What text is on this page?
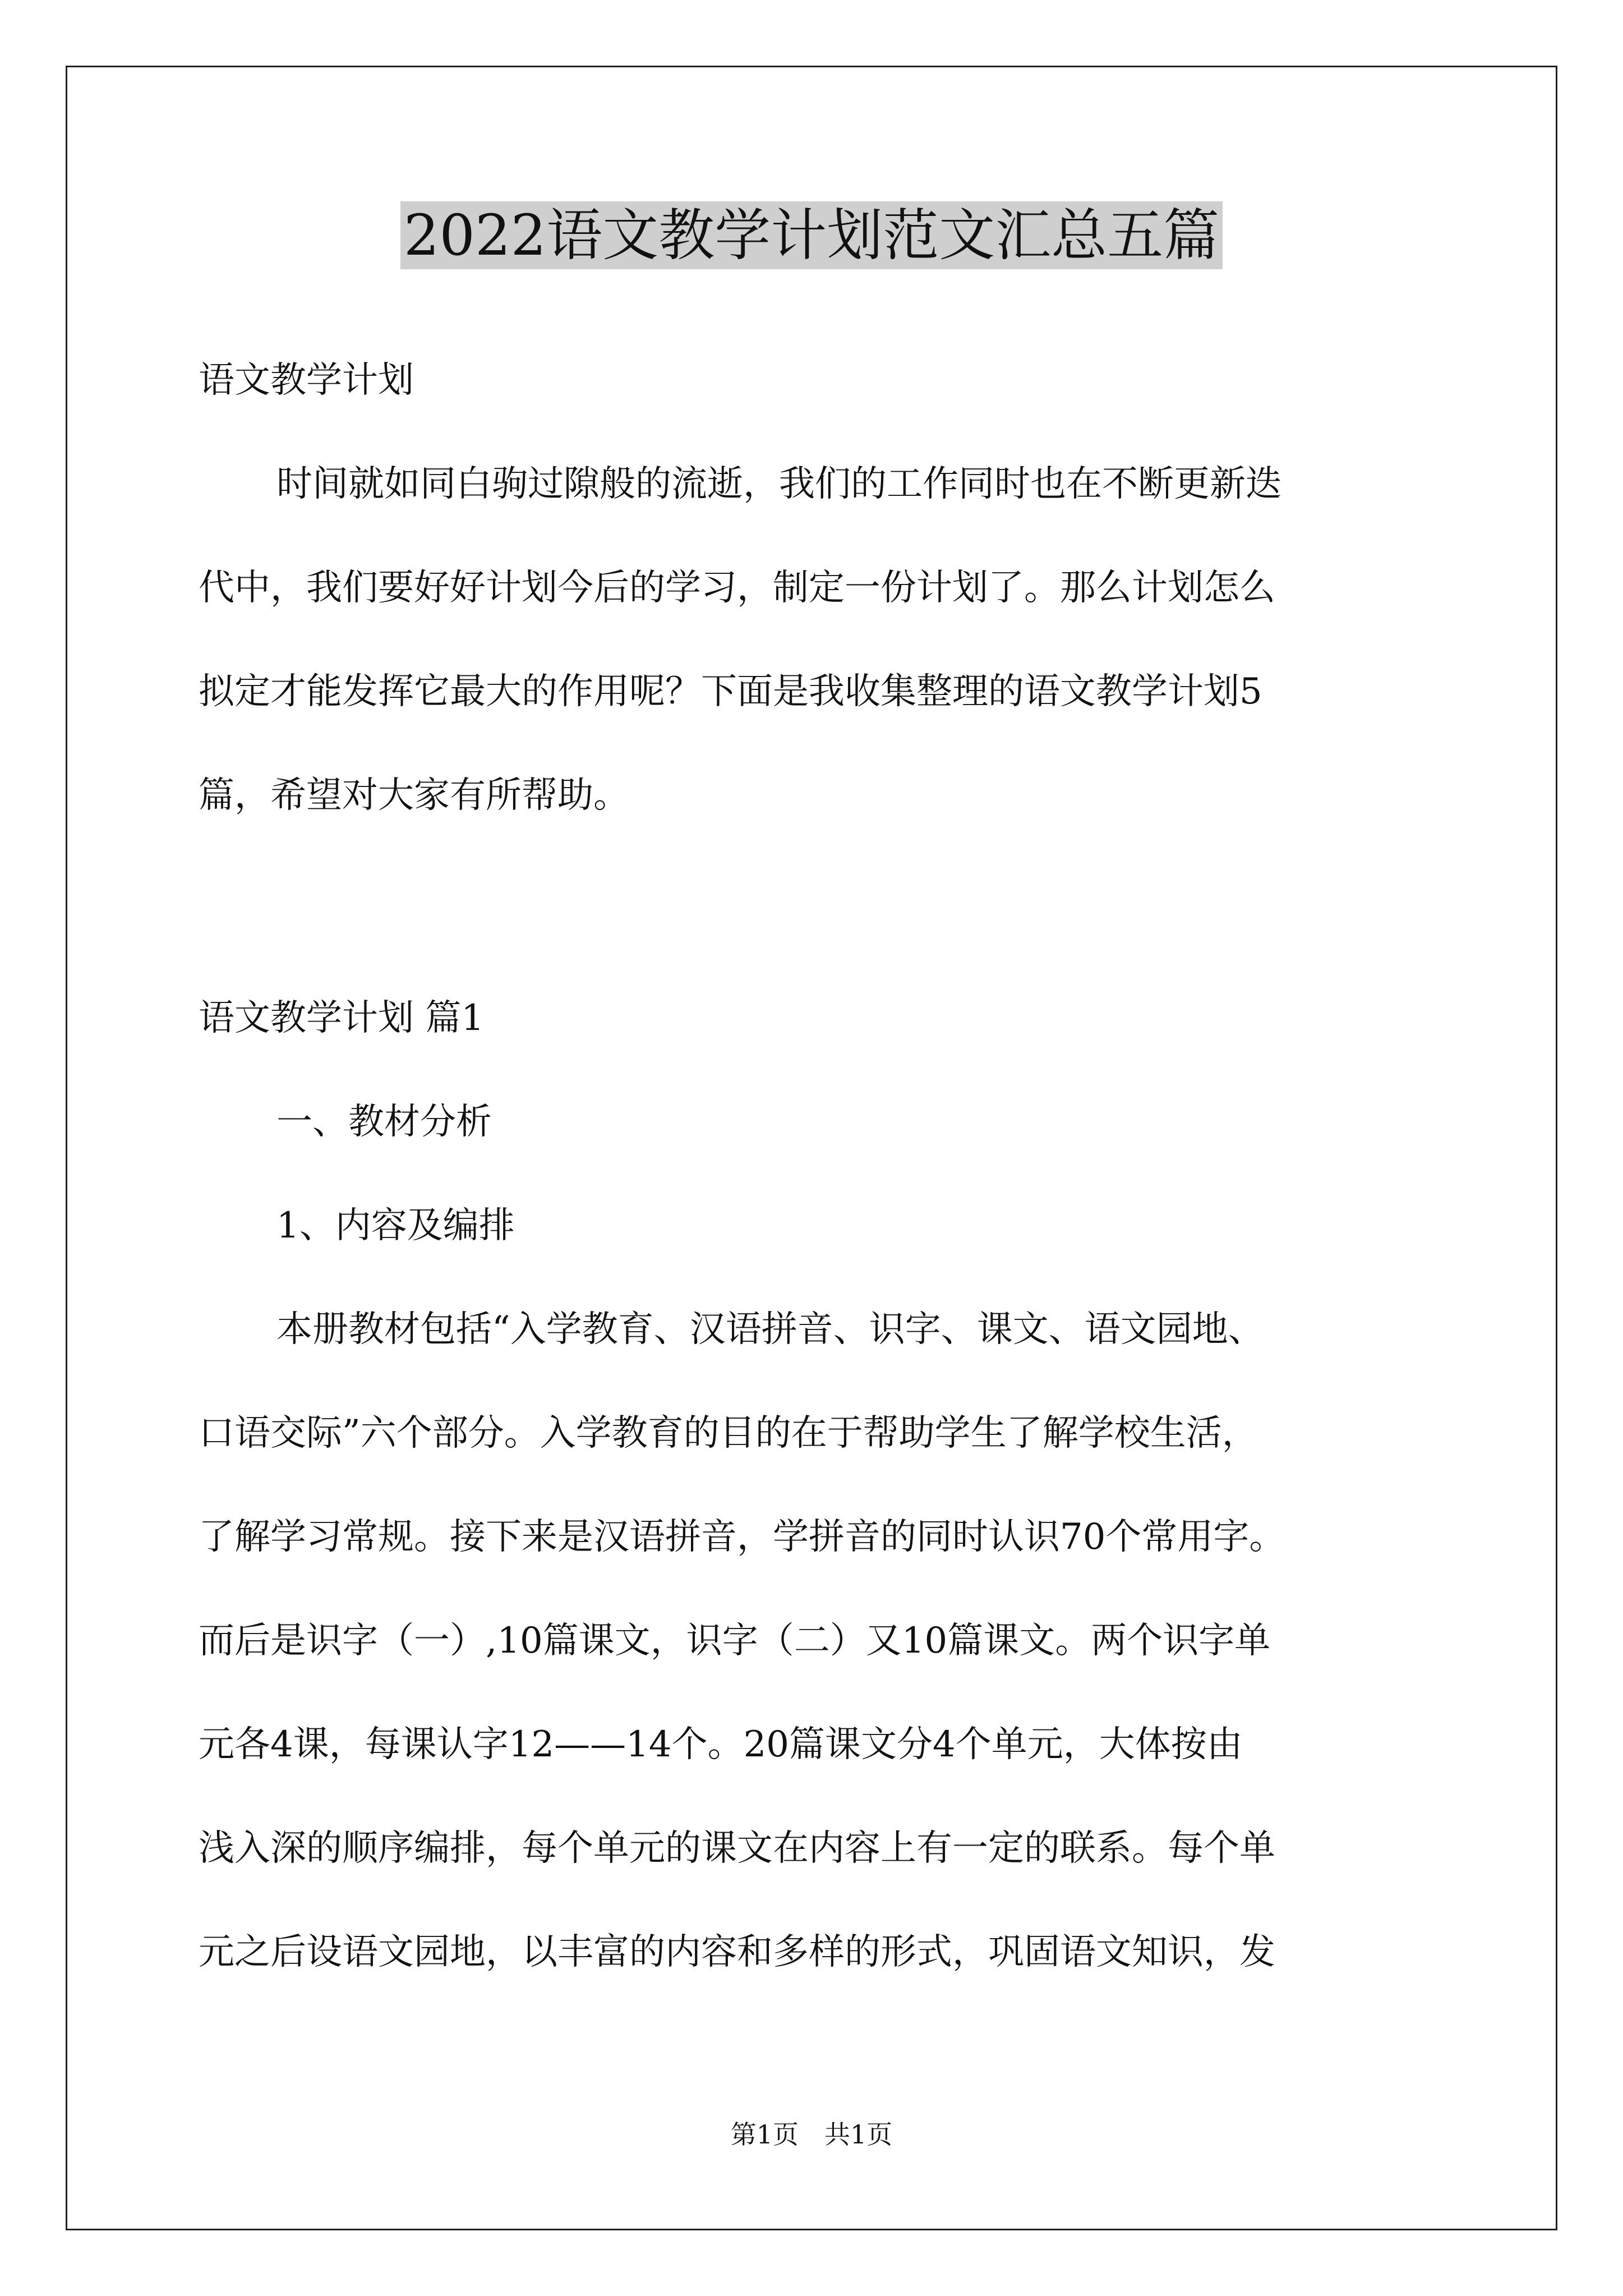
2022语文教学计划范文汇总五篇
语文教学计划
时间就如同白驹过隙般的流逝，我们的工作同时也在不断更新迭
代中，我们要好好计划今后的学习，制定一份计划了。那么计划怎么
拟定才能发挥它最大的作用呢？下面是我收集整理的语文教学计划5
篇，希望对大家有所帮助。
语文教学计划 篇1
一、教材分析
1、内容及编排
本册教材包括“入学教育、汉语拼音、识字、课文、语文园地、
口语交际”六个部分。入学教育的目的在于帮助学生了解学校生活，
了解学习常规。接下来是汉语拼音，学拼音的同时认识70个常用字。
而后是识字（一）,10篇课文，识字（二）又10篇课文。两个识字单
元各4课，每课认字12——14个。20篇课文分4个单元，大体按由
浅入深的顺序编排，每个单元的课文在内容上有一定的联系。每个单
元之后设语文园地，以丰富的内容和多样的形式，巩固语文知识，发
第1页　共1页
